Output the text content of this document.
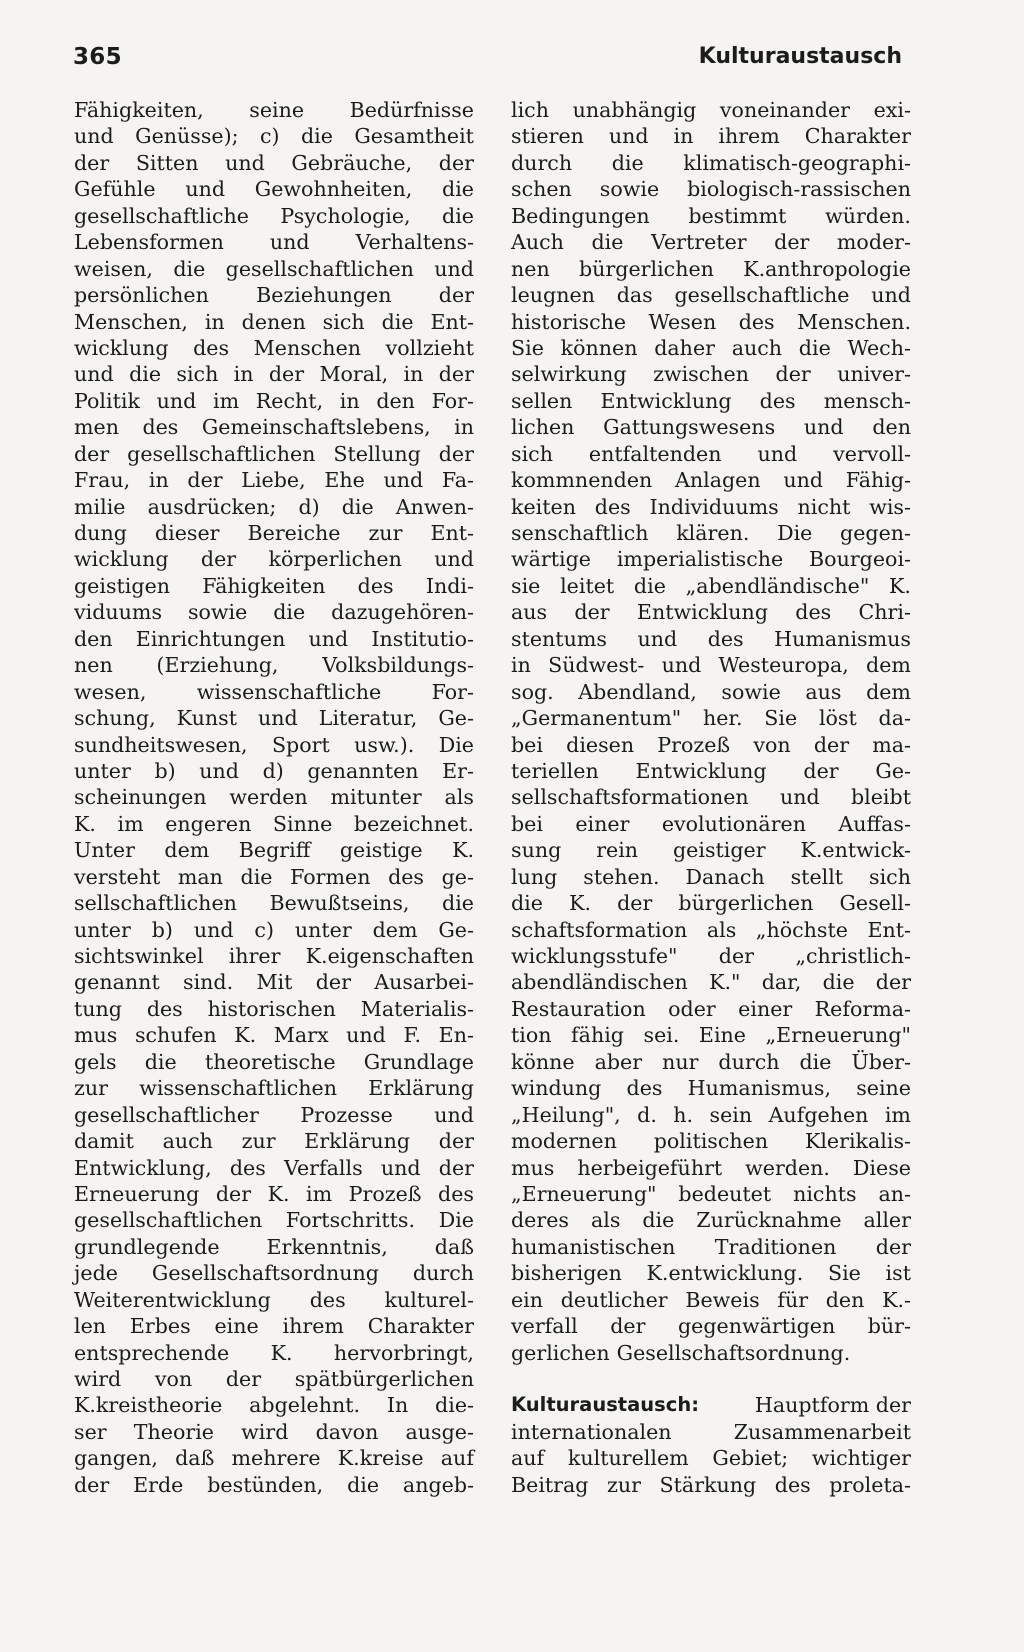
365	Kulturaustausch
Fähigkeiten, seine Bedürfnisse
und Genüsse); c) die Gesamtheit
der Sitten und Gebräuche, der
Gefühle und Gewohnheiten, die
gesellschaftliche Psychologie, die
Lebensformen und Verhaltens-
weisen, die gesellschaftlichen und
persönlichen Beziehungen der
Menschen, in denen sich die Ent-
wicklung des Menschen vollzieht
und die sich in der Moral, in der
Politik und im Recht, in den For-
men des Gemeinschaftslebens, in
der gesellschaftlichen Stellung der
Frau, in der Liebe, Ehe und Fa-
milie ausdrücken; d) die Anwen-
dung dieser Bereiche zur Ent-
wicklung der körperlichen und
geistigen Fähigkeiten des Indi-
viduums sowie die dazugehören-
den Einrichtungen und Institutio-
nen (Erziehung, Volksbildungs-
wesen, wissenschaftliche For-
schung, Kunst und Literatur, Ge-
sundheitswesen, Sport usw.). Die
unter b) und d) genannten Er-
scheinungen werden mitunter als
K. im engeren Sinne bezeichnet.
Unter dem Begriff geistige K.
versteht man die Formen des ge-
sellschaftlichen Bewußtseins, die
unter b) und c) unter dem Ge-
sichtswinkel ihrer K.eigenschaften
genannt sind. Mit der Ausarbei-
tung des historischen Materialis-
mus schufen K. Marx und F. En-
gels die theoretische Grundlage
zur wissenschaftlichen Erklärung
gesellschaftlicher Prozesse und
damit auch zur Erklärung der
Entwicklung, des Verfalls und der
Erneuerung der K. im Prozeß des
gesellschaftlichen Fortschritts. Die
grundlegende Erkenntnis, daß
jede Gesellschaftsordnung durch
Weiterentwicklung des kulturel-
len Erbes eine ihrem Charakter
entsprechende K. hervorbringt,
wird von der spätbürgerlichen
K.kreistheorie abgelehnt. In die-
ser Theorie wird davon ausge-
gangen, daß mehrere K.kreise auf
der Erde bestünden, die angeb-
lich unabhängig voneinander exi-
stieren und in ihrem Charakter
durch die klimatisch-geographi-
schen sowie biologisch-rassischen
Bedingungen bestimmt würden.
Auch die Vertreter der moder-
nen bürgerlichen K.anthropologie
leugnen das gesellschaftliche und
historische Wesen des Menschen.
Sie können daher auch die Wech-
selwirkung zwischen der univer-
sellen Entwicklung des mensch-
lichen Gattungswesens und den
sich entfaltenden und vervoll-
kommnenden Anlagen und Fähig-
keiten des Individuums nicht wis-
senschaftlich klären. Die gegen-
wärtige imperialistische Bourgeoi-
sie leitet die „abendländische" K.
aus der Entwicklung des Chri-
stentums und des Humanismus
in Südwest- und Westeuropa, dem
sog. Abendland, sowie aus dem
„Germanentum" her. Sie löst da-
bei diesen Prozeß von der ma-
teriellen Entwicklung der Ge-
sellschaftsformationen und bleibt
bei einer evolutionären Auffas-
sung rein geistiger K.entwick-
lung stehen. Danach stellt sich
die K. der bürgerlichen Gesell-
schaftsformation als „höchste Ent-
wicklungsstufe" der „christlich-
abendländischen K." dar, die der
Restauration oder einer Reforma-
tion fähig sei. Eine „Erneuerung"
könne aber nur durch die Über-
windung des Humanismus, seine
„Heilung", d. h. sein Aufgehen im
modernen politischen Klerikalis-
mus herbeigeführt werden. Diese
„Erneuerung" bedeutet nichts an-
deres als die Zurücknahme aller
humanistischen Traditionen der
bisherigen K.entwicklung. Sie ist
ein deutlicher Beweis für den K.-
verfall der gegenwärtigen bür-
gerlichen Gesellschaftsordnung.
Kulturaustausch:	Hauptform der
internationalen	Zusammenarbeit
auf kulturellem Gebiet; wichtiger
Beitrag zur Stärkung des proleta-
